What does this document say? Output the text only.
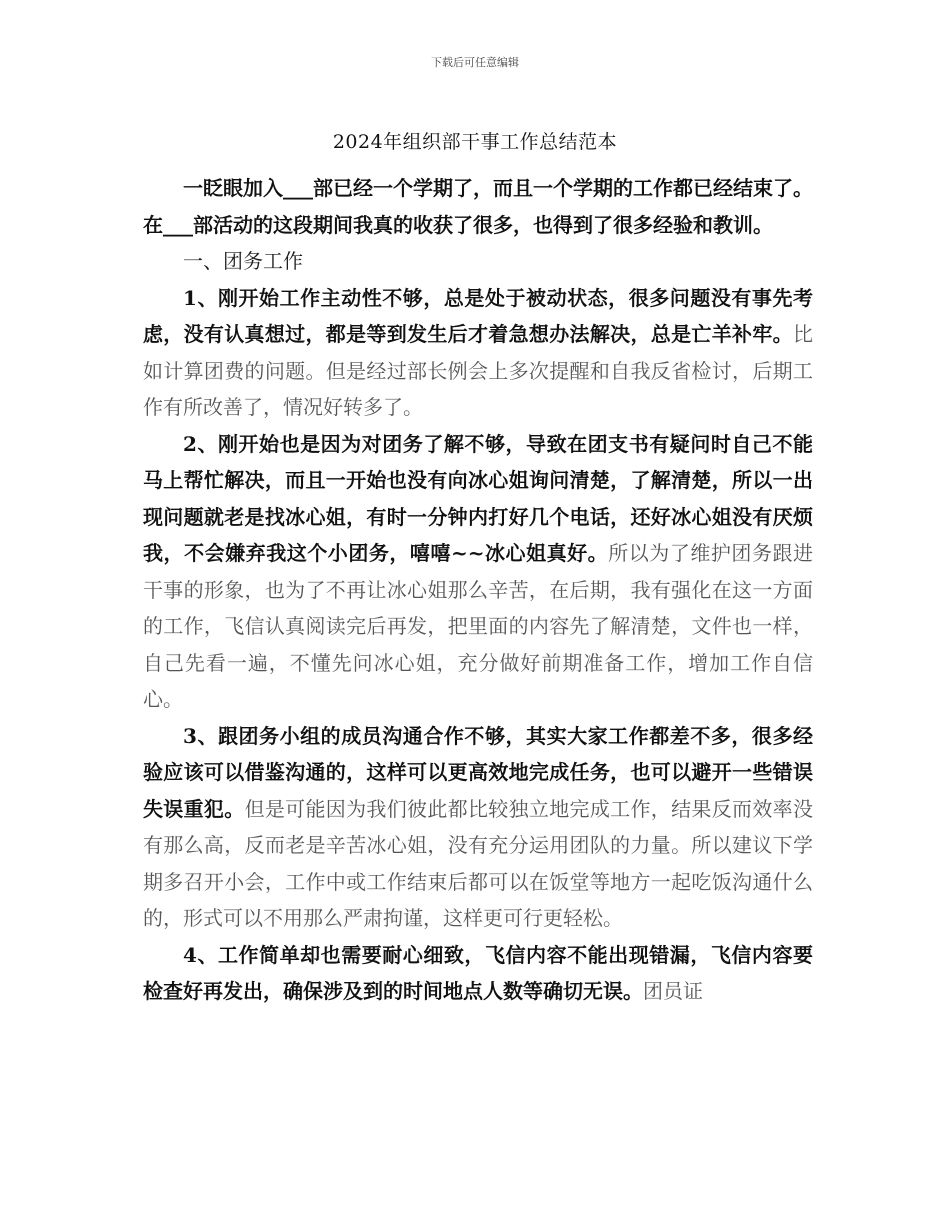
下载后可任意编辑
2024年组织部干事工作总结范本

一眨眼加入___部已经一个学期了，而且一个学期的工作都已经结束了。在___部活动的这段期间我真的收获了很多，也得到了很多经验和教训。

一、团务工作

1、刚开始工作主动性不够，总是处于被动状态，很多问题没有事先考虑，没有认真想过，都是等到发生后才着急想办法解决，总是亡羊补牢。比如计算团费的问题。但是经过部长例会上多次提醒和自我反省检讨，后期工作有所改善了，情况好转多了。

2、刚开始也是因为对团务了解不够，导致在团支书有疑问时自己不能马上帮忙解决，而且一开始也没有向冰心姐询问清楚，了解清楚，所以一出现问题就老是找冰心姐，有时一分钟内打好几个电话，还好冰心姐没有厌烦我，不会嫌弃我这个小团务，嘻嘻~~冰心姐真好。所以为了维护团务跟进干事的形象，也为了不再让冰心姐那么辛苦，在后期，我有强化在这一方面的工作，飞信认真阅读完后再发，把里面的内容先了解清楚，文件也一样，自己先看一遍，不懂先问冰心姐，充分做好前期准备工作，增加工作自信心。

3、跟团务小组的成员沟通合作不够，其实大家工作都差不多，很多经验应该可以借鉴沟通的，这样可以更高效地完成任务，也可以避开一些错误失误重犯。但是可能因为我们彼此都比较独立地完成工作，结果反而效率没有那么高，反而老是辛苦冰心姐，没有充分运用团队的力量。所以建议下学期多召开小会，工作中或工作结束后都可以在饭堂等地方一起吃饭沟通什么的，形式可以不用那么严肃拘谨，这样更可行更轻松。

4、工作简单却也需要耐心细致，飞信内容不能出现错漏，飞信内容要检查好再发出，确保涉及到的时间地点人数等确切无误。团员证
